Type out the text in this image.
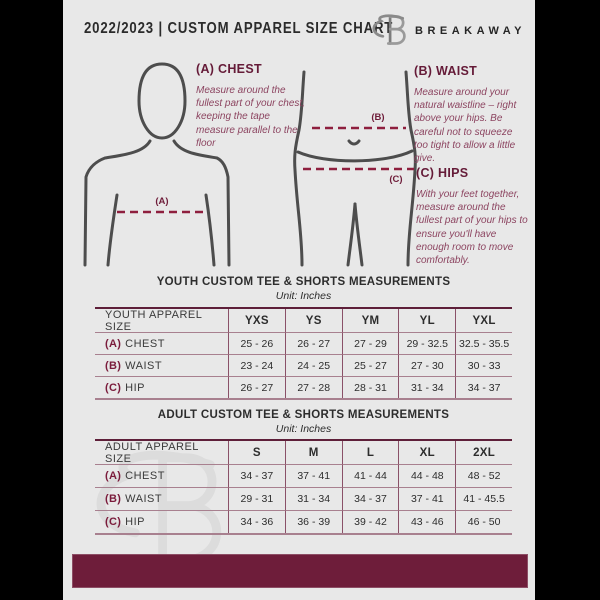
2022/2023 | CUSTOM APPAREL SIZE CHART BREAKAWAY
(A)
(B)
(C)
(A) CHEST
Measure around the fullest part of your chest, keeping the tape measure parallel to the floor
(B) WAIST
Measure around your natural waistline – right above your hips. Be careful not to squeeze too tight to allow a little give.
(C) HIPS
With your feet together, measure around the fullest part of your hips to ensure you'll have enough room to move comfortably.
YOUTH CUSTOM TEE & SHORTS MEASUREMENTS
Unit: Inches
YOUTH APPAREL SIZE	YXS	YS	YM	YL	YXL
(A) CHEST	25 - 26	26 - 27	27 - 29	29 - 32.5	32.5 - 35.5
(B) WAIST	23 - 24	24 - 25	25 - 27	27 - 30	30 - 33
(C) HIP	26 - 27	27 - 28	28 - 31	31 - 34	34 - 37
ADULT CUSTOM TEE & SHORTS MEASUREMENTS
Unit: Inches
ADULT APPAREL SIZE	S	M	L	XL	2XL
(A) CHEST	34 - 37	37 - 41	41 - 44	44 - 48	48 - 52
(B) WAIST	29 - 31	31 - 34	34 - 37	37 - 41	41 - 45.5
(C) HIP	34 - 36	36 - 39	39 - 42	43 - 46	46 - 50
